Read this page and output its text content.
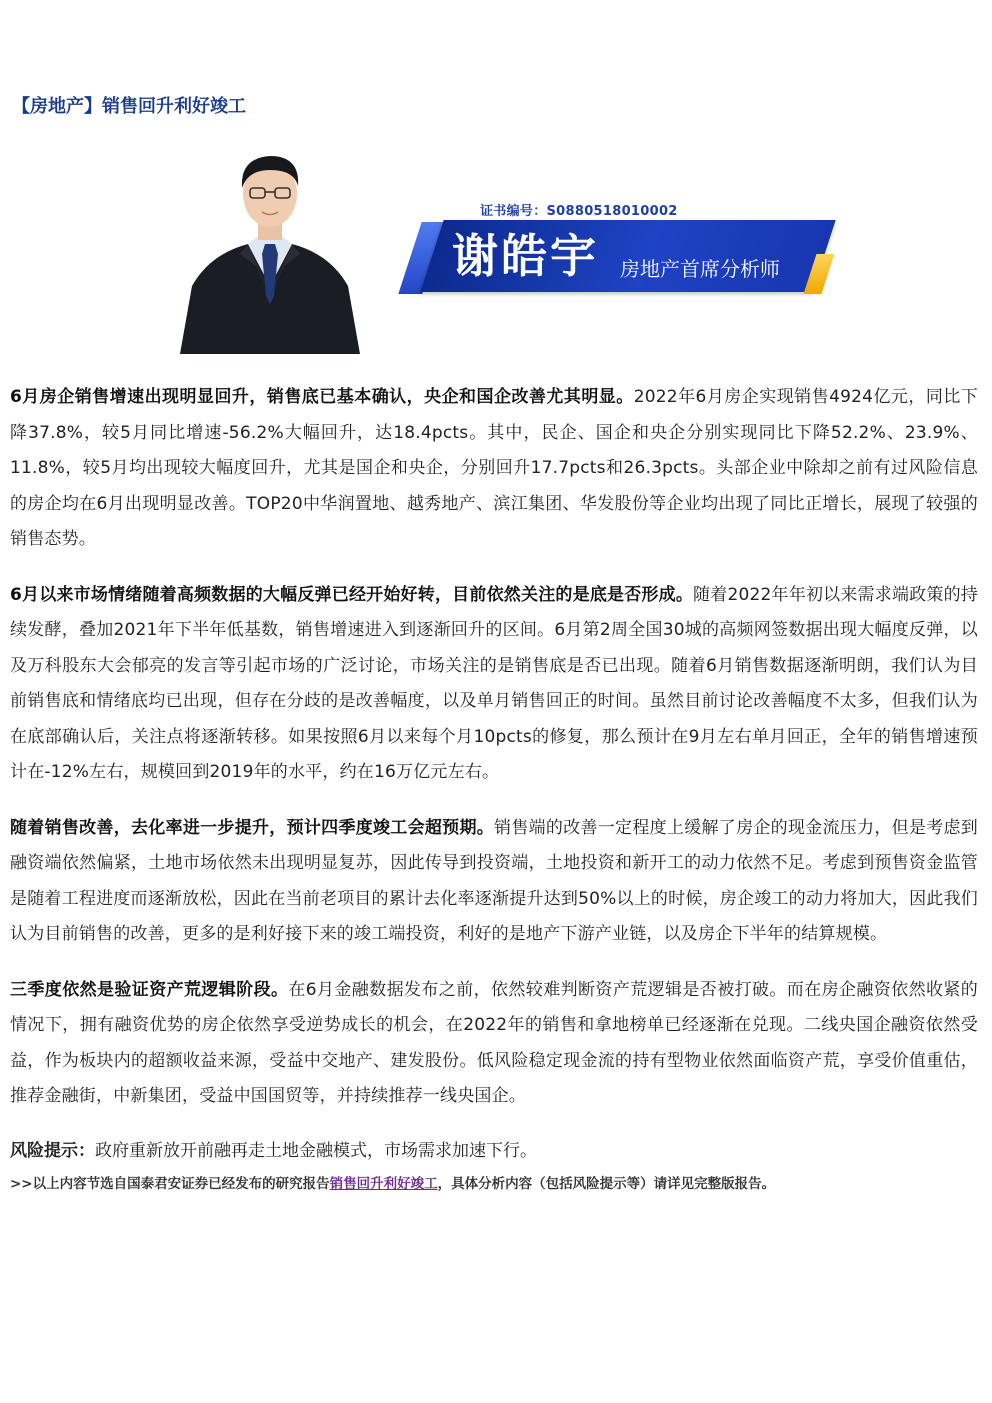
【房地产】销售回升利好竣工
证书编号：S0880518010002
谢皓宇 房地产首席分析师

6月房企销售增速出现明显回升，销售底已基本确认，央企和国企改善尤其明显。2022年6月房企实现销售4924亿元，同比下降37.8%，较5月同比增速-56.2%大幅回升，达18.4pcts。其中，民企、国企和央企分别实现同比下降52.2%、23.9%、11.8%，较5月均出现较大幅度回升，尤其是国企和央企，分别回升17.7pcts和26.3pcts。头部企业中除却之前有过风险信息的房企均在6月出现明显改善。TOP20中华润置地、越秀地产、滨江集团、华发股份等企业均出现了同比正增长，展现了较强的销售态势。

6月以来市场情绪随着高频数据的大幅反弹已经开始好转，目前依然关注的是底是否形成。随着2022年年初以来需求端政策的持续发酵，叠加2021年下半年低基数，销售增速进入到逐渐回升的区间。6月第2周全国30城的高频网签数据出现大幅度反弹，以及万科股东大会郁亮的发言等引起市场的广泛讨论，市场关注的是销售底是否已出现。随着6月销售数据逐渐明朗，我们认为目前销售底和情绪底均已出现，但存在分歧的是改善幅度，以及单月销售回正的时间。虽然目前讨论改善幅度不太多，但我们认为在底部确认后，关注点将逐渐转移。如果按照6月以来每个月10pcts的修复，那么预计在9月左右单月回正，全年的销售增速预计在-12%左右，规模回到2019年的水平，约在16万亿元左右。

随着销售改善，去化率进一步提升，预计四季度竣工会超预期。销售端的改善一定程度上缓解了房企的现金流压力，但是考虑到融资端依然偏紧，土地市场依然未出现明显复苏，因此传导到投资端，土地投资和新开工的动力依然不足。考虑到预售资金监管是随着工程进度而逐渐放松，因此在当前老项目的累计去化率逐渐提升达到50%以上的时候，房企竣工的动力将加大，因此我们认为目前销售的改善，更多的是利好接下来的竣工端投资，利好的是地产下游产业链，以及房企下半年的结算规模。

三季度依然是验证资产荒逻辑阶段。在6月金融数据发布之前，依然较难判断资产荒逻辑是否被打破。而在房企融资依然收紧的情况下，拥有融资优势的房企依然享受逆势成长的机会，在2022年的销售和拿地榜单已经逐渐在兑现。二线央国企融资依然受益，作为板块内的超额收益来源，受益中交地产、建发股份。低风险稳定现金流的持有型物业依然面临资产荒，享受价值重估，推荐金融街，中新集团，受益中国国贸等，并持续推荐一线央国企。

风险提示：政府重新放开前融再走土地金融模式，市场需求加速下行。

>>以上内容节选自国泰君安证券已经发布的研究报告销售回升利好竣工，具体分析内容（包括风险提示等）请详见完整版报告。
